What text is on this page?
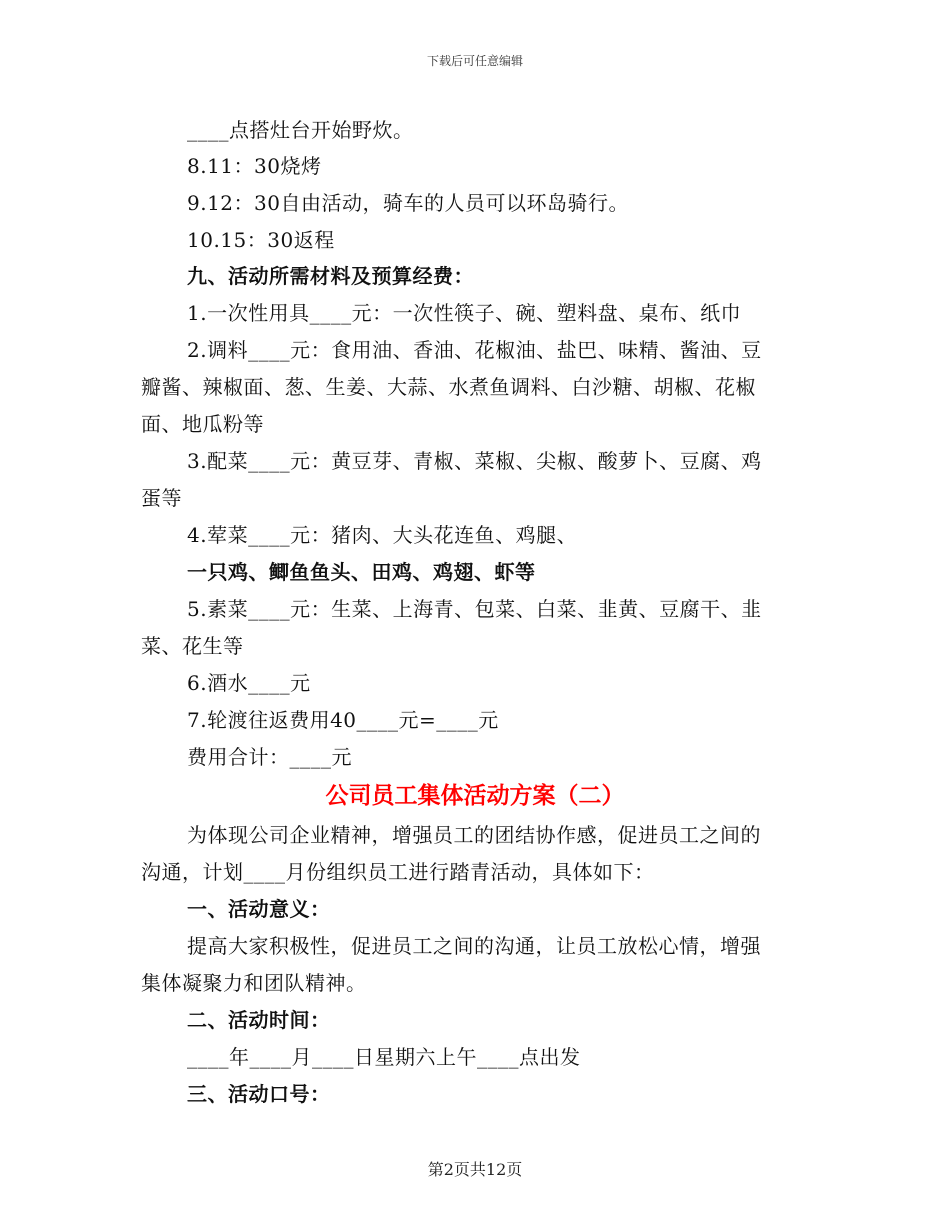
下载后可任意编辑
____点搭灶台开始野炊。
8.11：30烧烤
9.12：30自由活动，骑车的人员可以环岛骑行。
10.15：30返程
九、活动所需材料及预算经费：
1.一次性用具____元：一次性筷子、碗、塑料盘、桌布、纸巾
2.调料____元：食用油、香油、花椒油、盐巴、味精、酱油、豆
瓣酱、辣椒面、葱、生姜、大蒜、水煮鱼调料、白沙糖、胡椒、花椒
面、地瓜粉等
3.配菜____元：黄豆芽、青椒、菜椒、尖椒、酸萝卜、豆腐、鸡
蛋等
4.荤菜____元：猪肉、大头花连鱼、鸡腿、
一只鸡、鲫鱼鱼头、田鸡、鸡翅、虾等
5.素菜____元：生菜、上海青、包菜、白菜、韭黄、豆腐干、韭
菜、花生等
6.酒水____元
7.轮渡往返费用40____元=____元
费用合计：____元
公司员工集体活动方案（二）
为体现公司企业精神，增强员工的团结协作感，促进员工之间的
沟通，计划____月份组织员工进行踏青活动，具体如下：
一、活动意义：
提高大家积极性，促进员工之间的沟通，让员工放松心情，增强
集体凝聚力和团队精神。
二、活动时间：
____年____月____日星期六上午____点出发
三、活动口号：
第2页共12页
